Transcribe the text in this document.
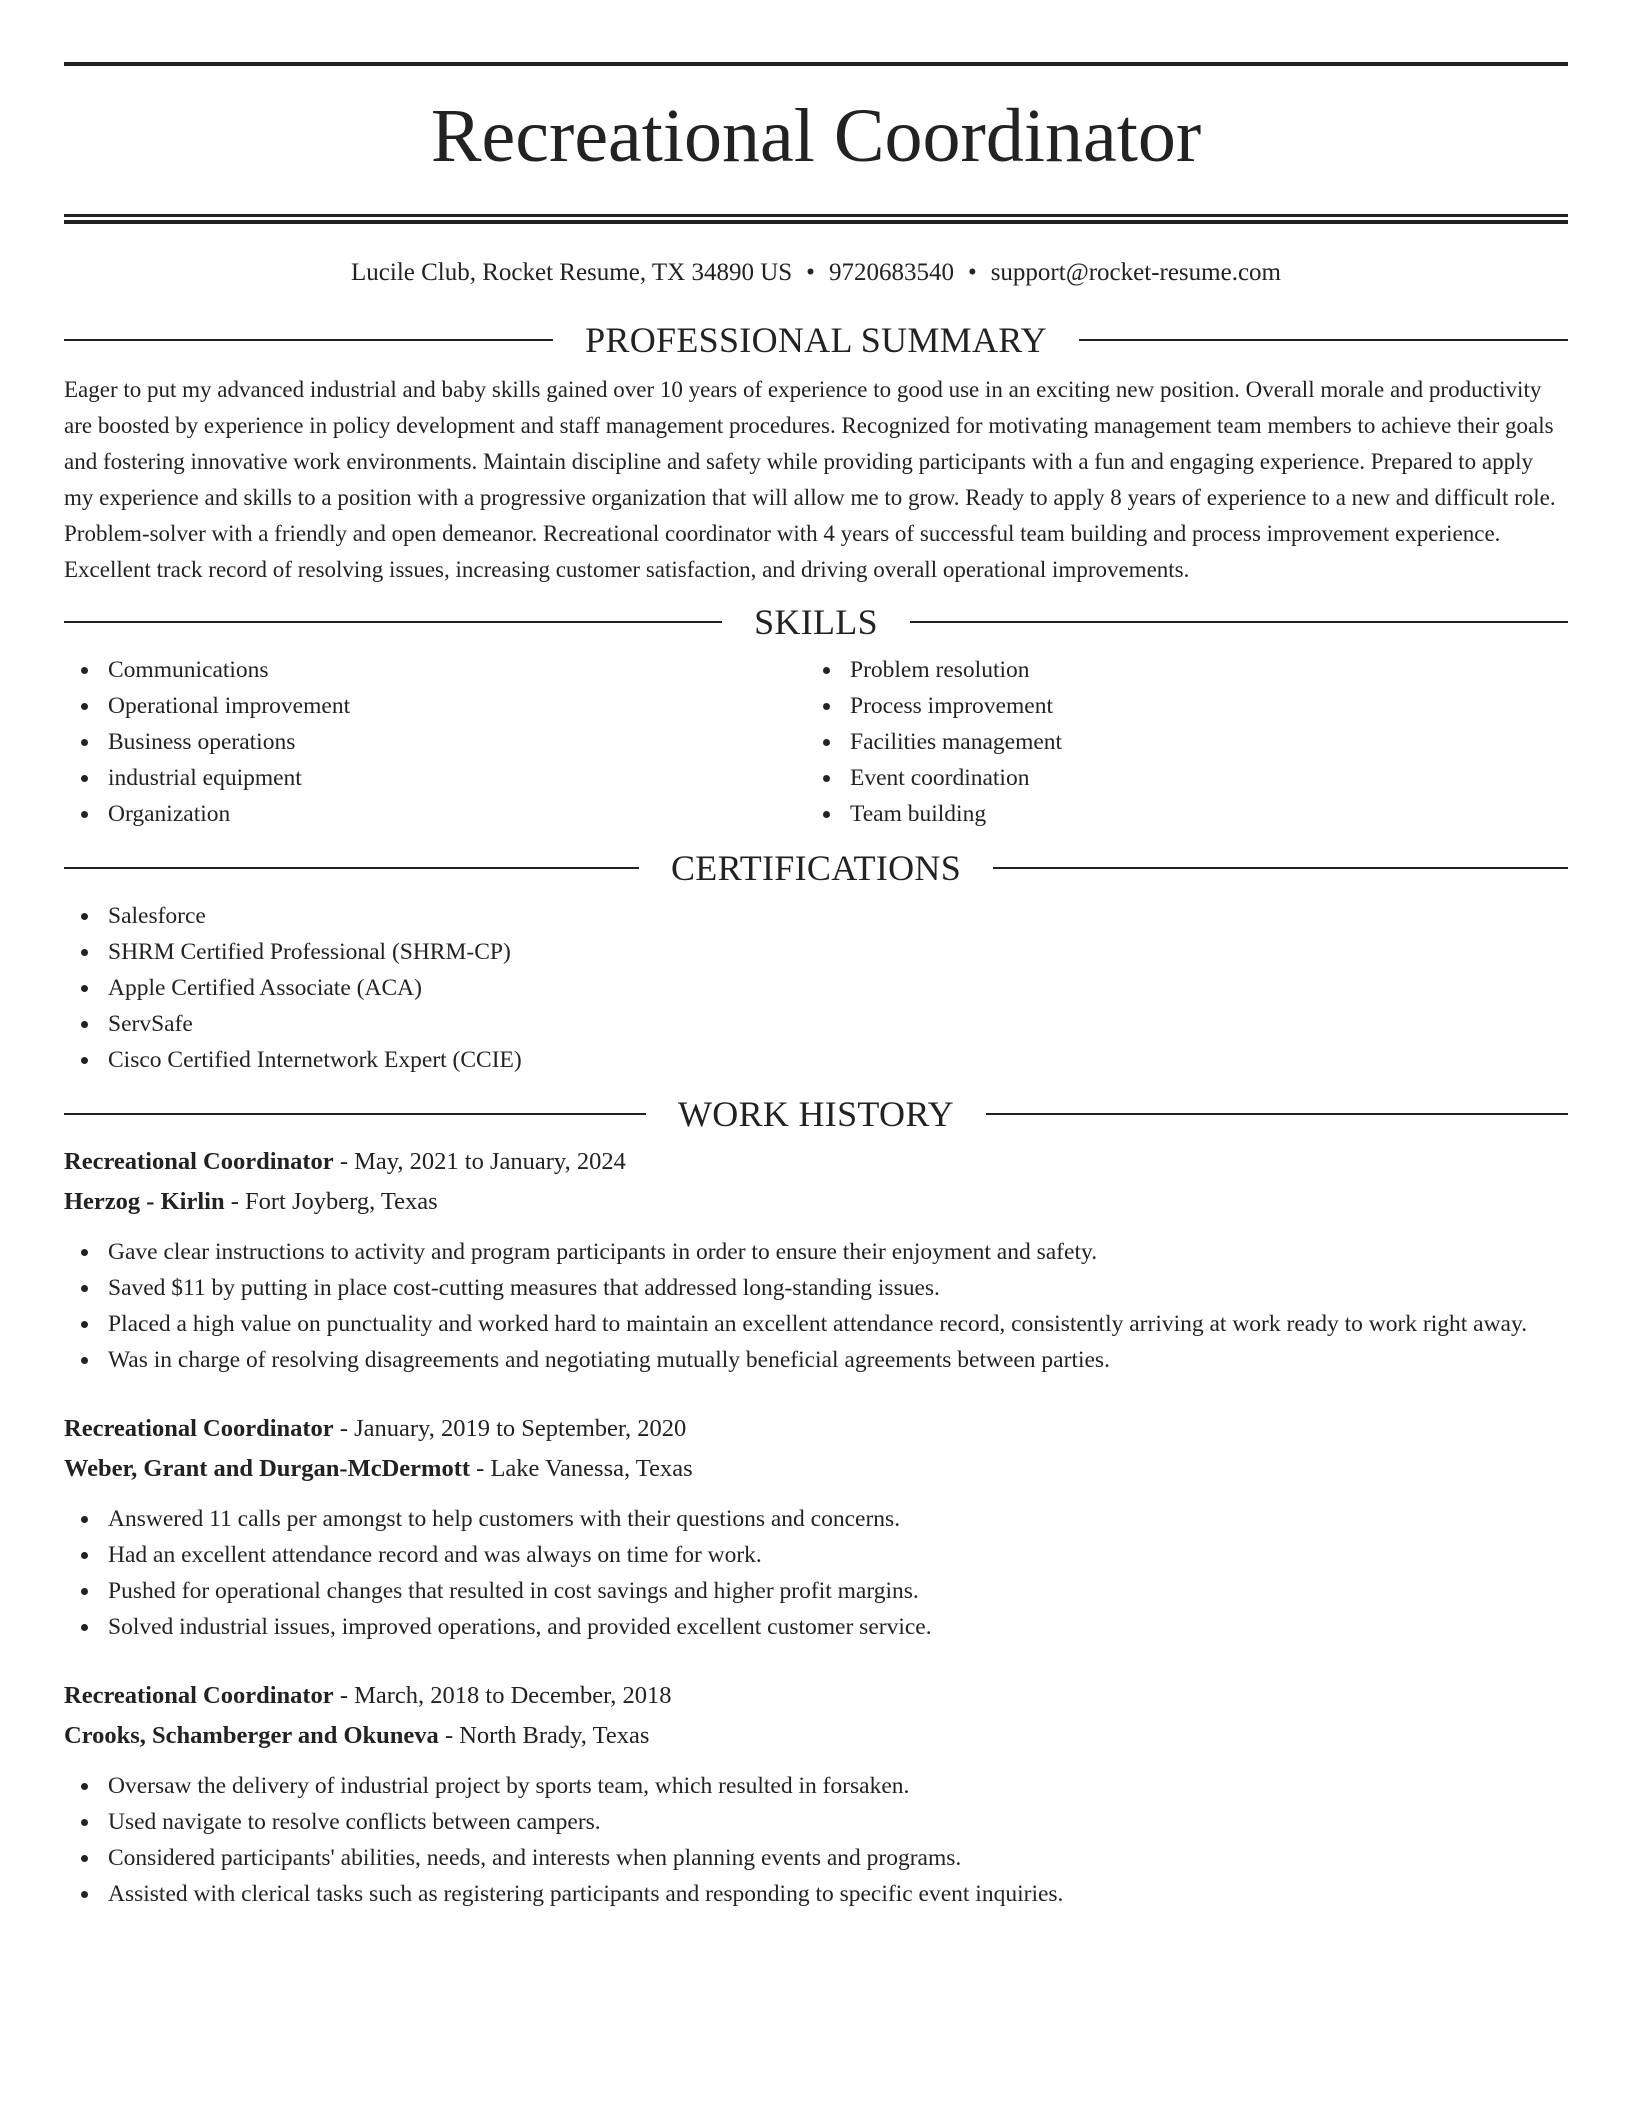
Recreational Coordinator
Lucile Club, Rocket Resume, TX 34890 US • 9720683540 • support@rocket-resume.com
PROFESSIONAL SUMMARY

Eager to put my advanced industrial and baby skills gained over 10 years of experience to good use in an exciting new position. Overall morale and productivity are boosted by experience in policy development and staff management procedures. Recognized for motivating management team members to achieve their goals and fostering innovative work environments. Maintain discipline and safety while providing participants with a fun and engaging experience. Prepared to apply my experience and skills to a position with a progressive organization that will allow me to grow. Ready to apply 8 years of experience to a new and difficult role. Problem-solver with a friendly and open demeanor. Recreational coordinator with 4 years of successful team building and process improvement experience. Excellent track record of resolving issues, increasing customer satisfaction, and driving overall operational improvements.

SKILLS
Communications
Operational improvement
Business operations
industrial equipment
Organization
Problem resolution
Process improvement
Facilities management
Event coordination
Team building
CERTIFICATIONS
Salesforce
SHRM Certified Professional (SHRM-CP)
Apple Certified Associate (ACA)
ServSafe
Cisco Certified Internetwork Expert (CCIE)
WORK HISTORY
Recreational Coordinator - May, 2021 to January, 2024
Herzog - Kirlin - Fort Joyberg, Texas
Gave clear instructions to activity and program participants in order to ensure their enjoyment and safety.
Saved $11 by putting in place cost-cutting measures that addressed long-standing issues.
Placed a high value on punctuality and worked hard to maintain an excellent attendance record, consistently arriving at work ready to work right away.
Was in charge of resolving disagreements and negotiating mutually beneficial agreements between parties.
Recreational Coordinator - January, 2019 to September, 2020
Weber, Grant and Durgan-McDermott - Lake Vanessa, Texas
Answered 11 calls per amongst to help customers with their questions and concerns.
Had an excellent attendance record and was always on time for work.
Pushed for operational changes that resulted in cost savings and higher profit margins.
Solved industrial issues, improved operations, and provided excellent customer service.
Recreational Coordinator - March, 2018 to December, 2018
Crooks, Schamberger and Okuneva - North Brady, Texas
Oversaw the delivery of industrial project by sports team, which resulted in forsaken.
Used navigate to resolve conflicts between campers.
Considered participants' abilities, needs, and interests when planning events and programs.
Assisted with clerical tasks such as registering participants and responding to specific event inquiries.
